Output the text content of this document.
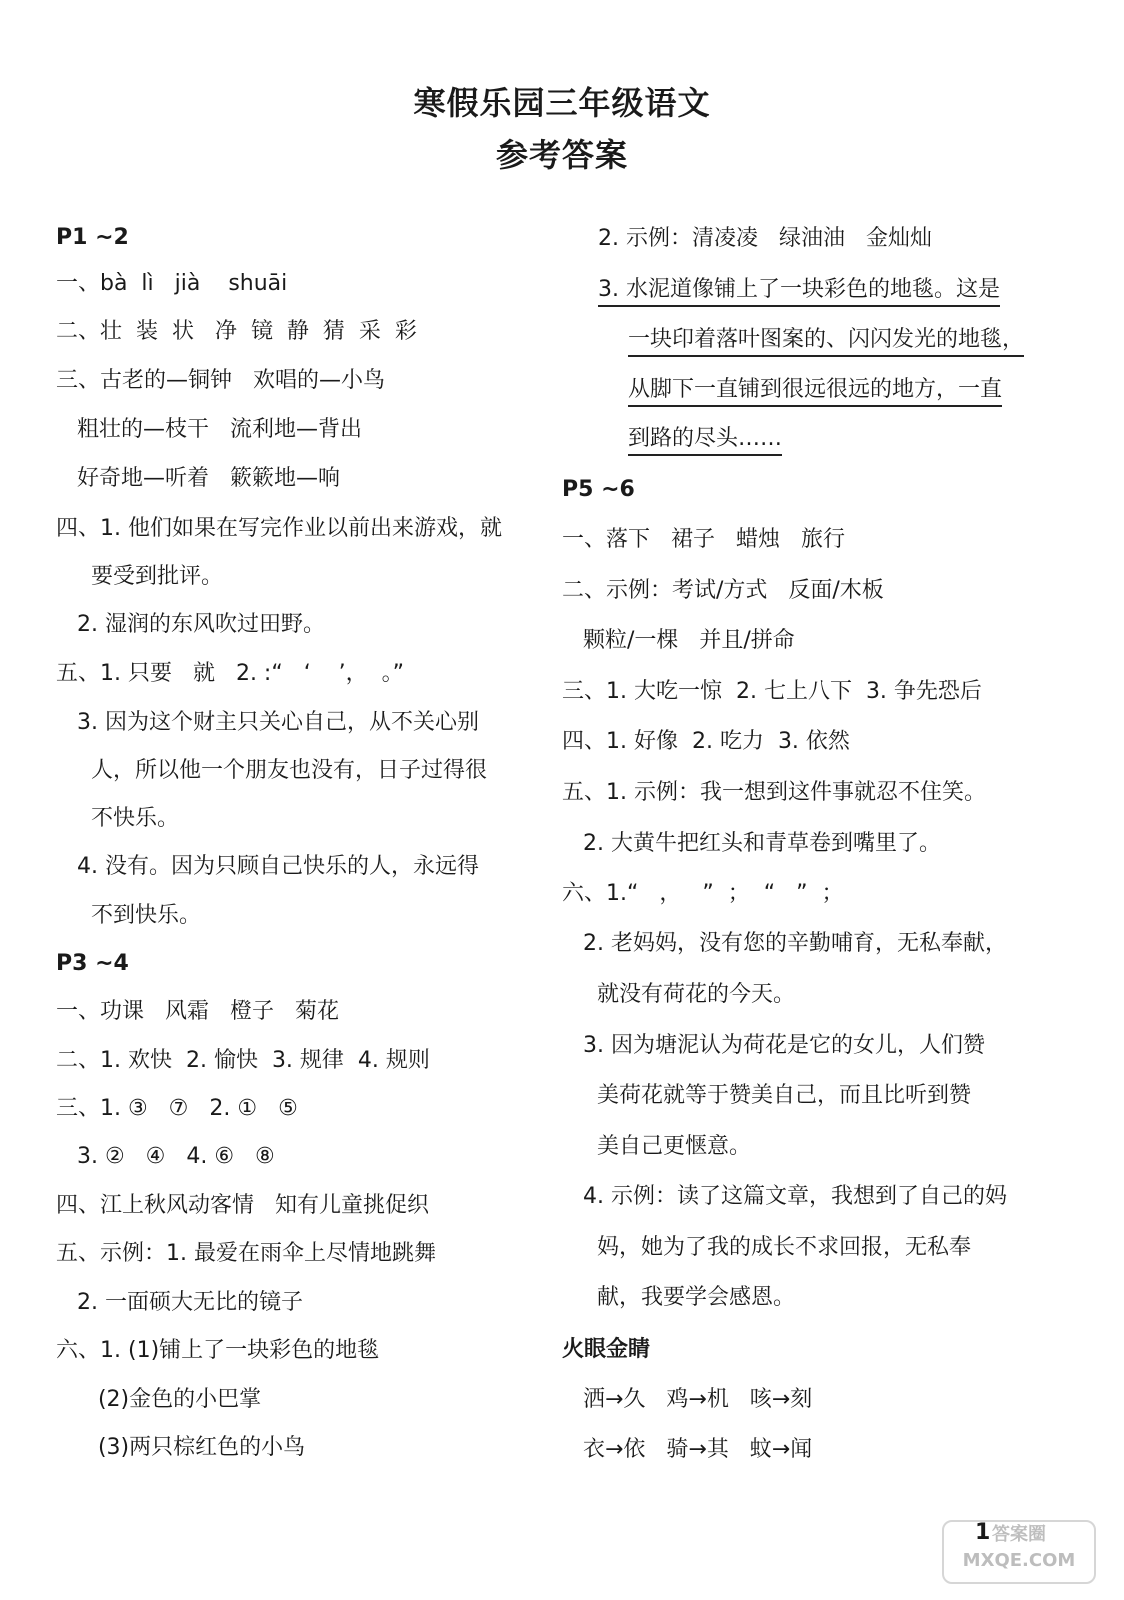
寒假乐园三年级语文
参考答案
P1 ~2
一、bà  lì   jià    shuāi
二、壮  装  状   净  镜  静  猜  采  彩
三、古老的—铜钟   欢唱的—小鸟
粗壮的—枝干   流利地—背出
好奇地—听着   簌簌地—响
四、1. 他们如果在写完作业以前出来游戏，就
要受到批评。
2. 湿润的东风吹过田野。
五、1. 只要   就   2. :“   ‘    ’，  。”
3. 因为这个财主只关心自己，从不关心别
人，所以他一个朋友也没有，日子过得很
不快乐。
4. 没有。因为只顾自己快乐的人，永远得
不到快乐。
P3 ~4
一、功课   风霜   橙子   菊花
二、1. 欢快  2. 愉快  3. 规律  4. 规则
三、1. ③   ⑦   2. ①   ⑤
3. ②   ④   4. ⑥   ⑧
四、江上秋风动客情   知有儿童挑促织
五、示例：1. 最爱在雨伞上尽情地跳舞
2. 一面硕大无比的镜子
六、1. (1)铺上了一块彩色的地毯
(2)金色的小巴掌
(3)两只棕红色的小鸟
2. 示例：清凌凌   绿油油   金灿灿
3. 水泥道像铺上了一块彩色的地毯。这是
一块印着落叶图案的、闪闪发光的地毯，
从脚下一直铺到很远很远的地方，一直
到路的尽头……
P5 ~6
一、落下   裙子   蜡烛   旅行
二、示例：考试/方式   反面/木板
颗粒/一棵   并且/拼命
三、1. 大吃一惊  2. 七上八下  3. 争先恐后
四、1. 好像  2. 吃力  3. 依然
五、1. 示例：我一想到这件事就忍不住笑。
2. 大黄牛把红头和青草卷到嘴里了。
六、1.“   ，   ”  ；  “   ”  ；
2. 老妈妈，没有您的辛勤哺育，无私奉献，
就没有荷花的今天。
3. 因为塘泥认为荷花是它的女儿，人们赞
美荷花就等于赞美自己，而且比听到赞
美自己更惬意。
4. 示例：读了这篇文章，我想到了自己的妈
妈，她为了我的成长不求回报，无私奉
献，我要学会感恩。
火眼金睛
洒→久   鸡→机   咳→刻
衣→依   骑→其   蚊→闻
1 答案圈
MXQE.COM
